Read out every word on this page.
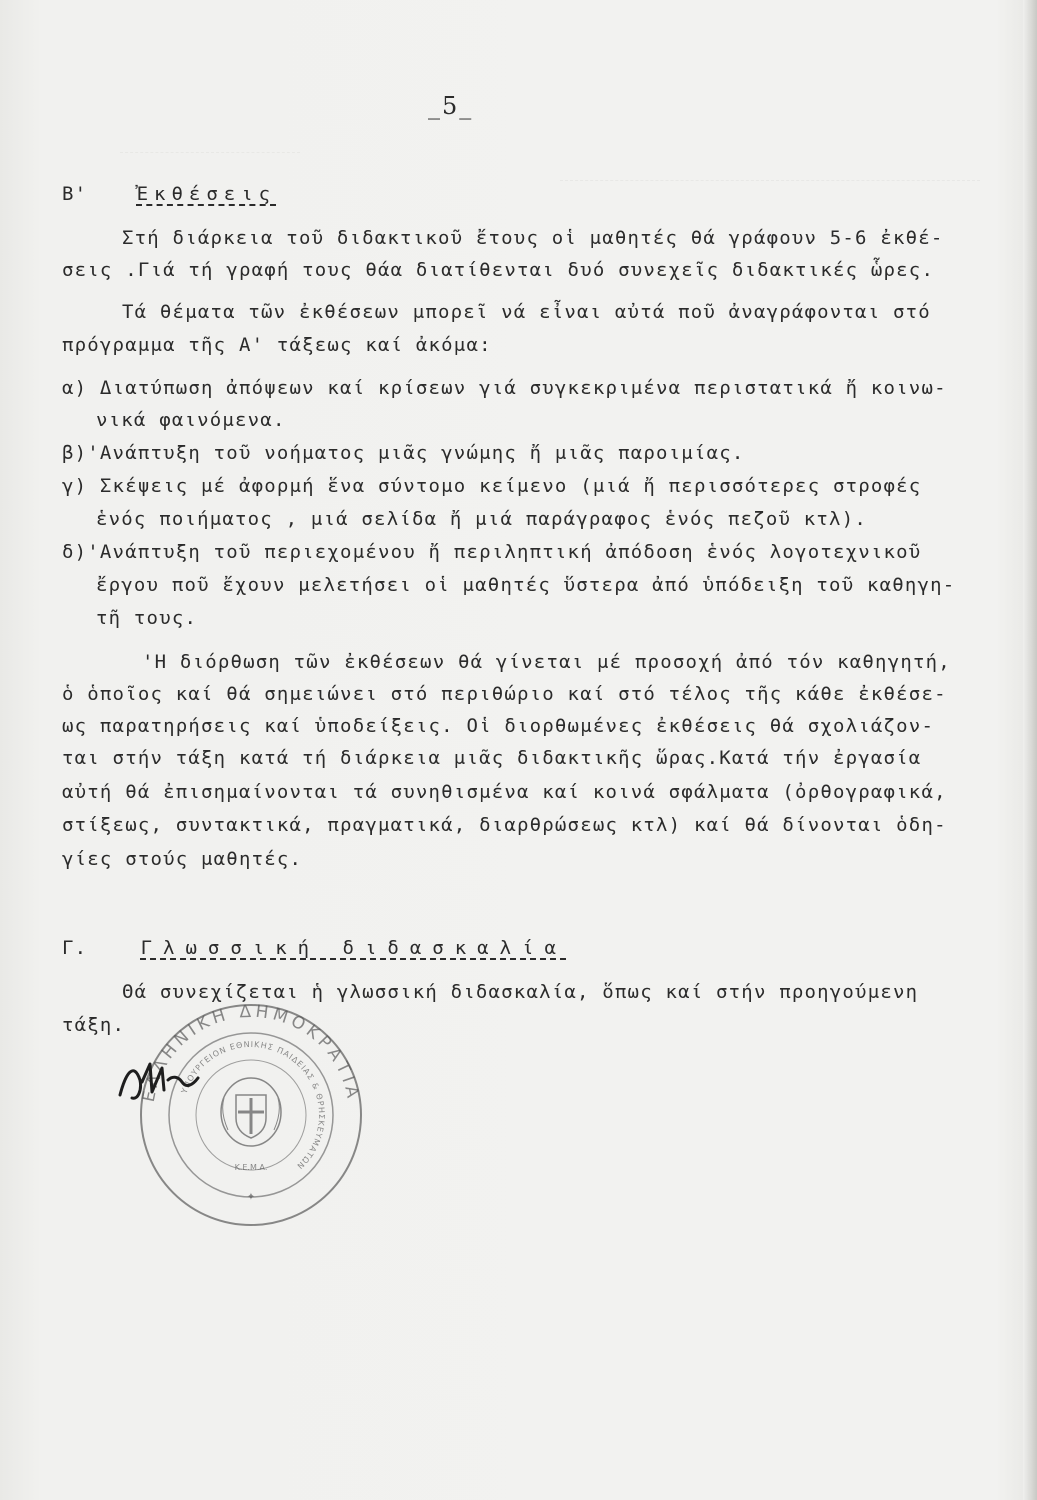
_5_
Β'	Ἐκθέσεις
Στή διάρκεια τοῦ διδακτικοῦ ἔτους οἱ μαθητές θά γράφουν 5-6 ἐκθέ-
σεις .Γιά τή γραφή τους θάα διατίθενται δυό συνεχεῖς διδακτικές ὧρες.
Τά θέματα τῶν ἐκθέσεων μπορεῖ νά εἶναι αὐτά ποῦ ἀναγράφονται στό
πρόγραμμα τῆς Α' τάξεως καί ἀκόμα:
α) Διατύπωση ἀπόψεων καί κρίσεων γιά συγκεκριμένα περιστατικά ἤ κοινω-
νικά φαινόμενα.
β)'Ανάπτυξη τοῦ νοήματος μιᾶς γνώμης ἤ μιᾶς παροιμίας.
γ) Σκέψεις μέ ἀφορμή ἕνα σύντομο κείμενο (μιά ἤ περισσότερες στροφές
ἑνός ποιήματος , μιά σελίδα ἤ μιά παράγραφος ἑνός πεζοῦ κτλ).
δ)'Ανάπτυξη τοῦ περιεχομένου ἤ περιληπτική ἀπόδοση ἑνός λογοτεχνικοῦ
ἔργου ποῦ ἔχουν μελετήσει οἱ μαθητές ὕστερα ἀπό ὑπόδειξη τοῦ καθηγη-
τῆ τους.
'Η διόρθωση τῶν ἐκθέσεων θά γίνεται μέ προσοχή ἀπό τόν καθηγητή,
ὁ ὁποῖος καί θά σημειώνει στό περιθώριο καί στό τέλος τῆς κάθε ἐκθέσε-
ως παρατηρήσεις καί ὑποδείξεις. Οἱ διορθωμένες ἐκθέσεις θά σχολιάζον-
ται στήν τάξη κατά τή διάρκεια μιᾶς διδακτικῆς ὥρας.Κατά τήν ἐργασία
αὐτή θά ἐπισημαίνονται τά συνηθισμένα καί κοινά σφάλματα (ὀρθογραφικά,
στίξεως, συντακτικά, πραγματικά, διαρθρώσεως κτλ) καί θά δίνονται ὁδη-
γίες στούς μαθητές.
Γ.	Γλωσσική διδασκαλία
Θά συνεχίζεται ἡ γλωσσική διδασκαλία, ὅπως καί στήν προηγούμενη
τάξη.
ΕΛΛΗΝΙΚΗ ΔΗΜΟΚΡΑΤΙΑ
ΥΠΟΥΡΓΕΙΟΝ ΕΘΝΙΚΗΣ ΠΑΙΔΕΙΑΣ & ΘΡΗΣΚΕΥΜΑΤΩΝ
Κ.Ε.Μ.Α.
✦
